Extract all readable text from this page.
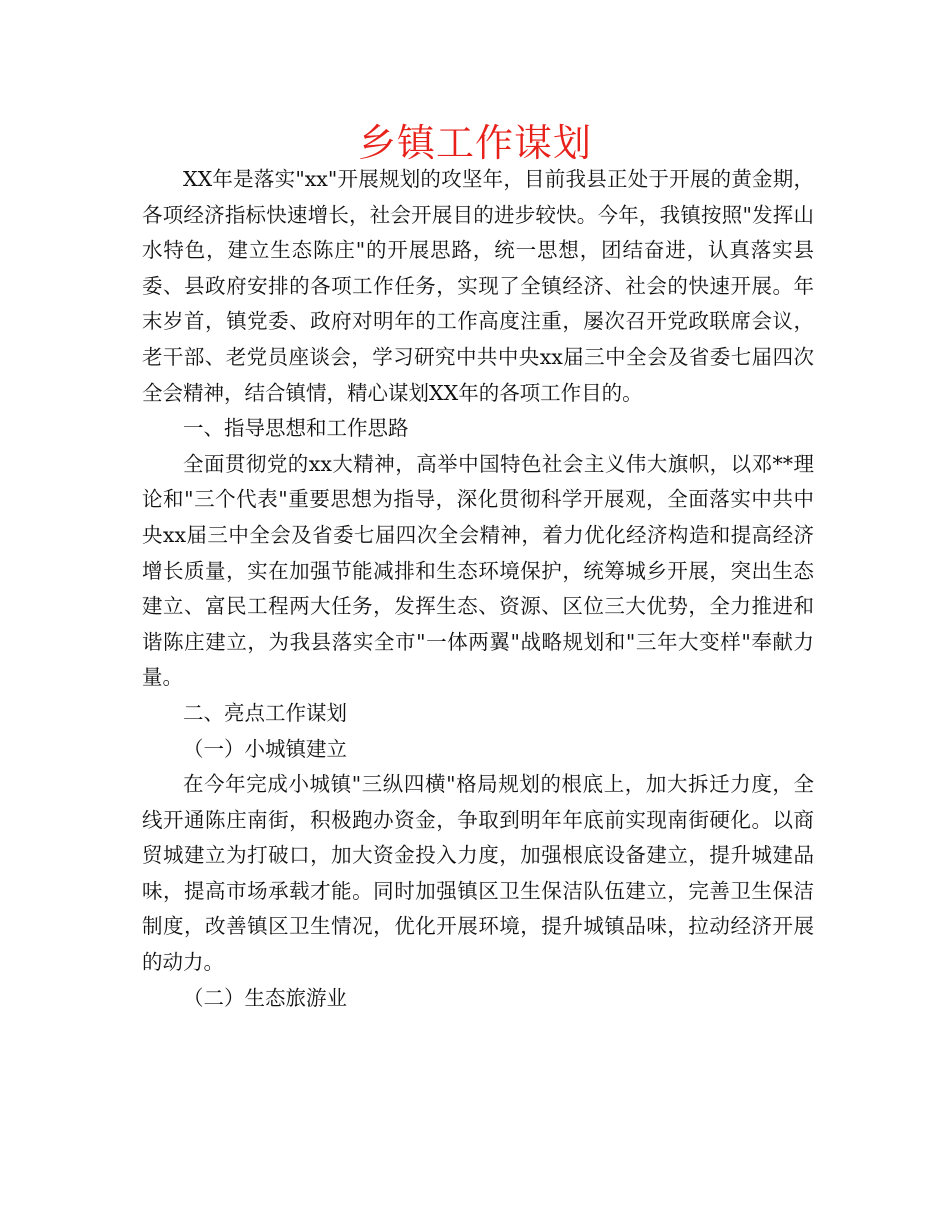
乡镇工作谋划

XX年是落实"xx"开展规划的攻坚年，目前我县正处于开展的黄金期，各项经济指标快速增长，社会开展目的进步较快。今年，我镇按照"发挥山水特色，建立生态陈庄"的开展思路，统一思想，团结奋进，认真落实县委、县政府安排的各项工作任务，实现了全镇经济、社会的快速开展。年末岁首，镇党委、政府对明年的工作高度注重，屡次召开党政联席会议，老干部、老党员座谈会，学习研究中共中央xx届三中全会及省委七届四次全会精神，结合镇情，精心谋划XX年的各项工作目的。

一、指导思想和工作思路

全面贯彻党的xx大精神，高举中国特色社会主义伟大旗帜，以邓**理论和"三个代表"重要思想为指导，深化贯彻科学开展观，全面落实中共中央xx届三中全会及省委七届四次全会精神，着力优化经济构造和提高经济增长质量，实在加强节能减排和生态环境保护，统筹城乡开展，突出生态建立、富民工程两大任务，发挥生态、资源、区位三大优势，全力推进和谐陈庄建立，为我县落实全市"一体两翼"战略规划和"三年大变样"奉献力量。

二、亮点工作谋划

（一）小城镇建立

在今年完成小城镇"三纵四横"格局规划的根底上，加大拆迁力度，全线开通陈庄南街，积极跑办资金，争取到明年年底前实现南街硬化。以商贸城建立为打破口，加大资金投入力度，加强根底设备建立，提升城建品味，提高市场承载才能。同时加强镇区卫生保洁队伍建立，完善卫生保洁制度，改善镇区卫生情况，优化开展环境，提升城镇品味，拉动经济开展的动力。

（二）生态旅游业
